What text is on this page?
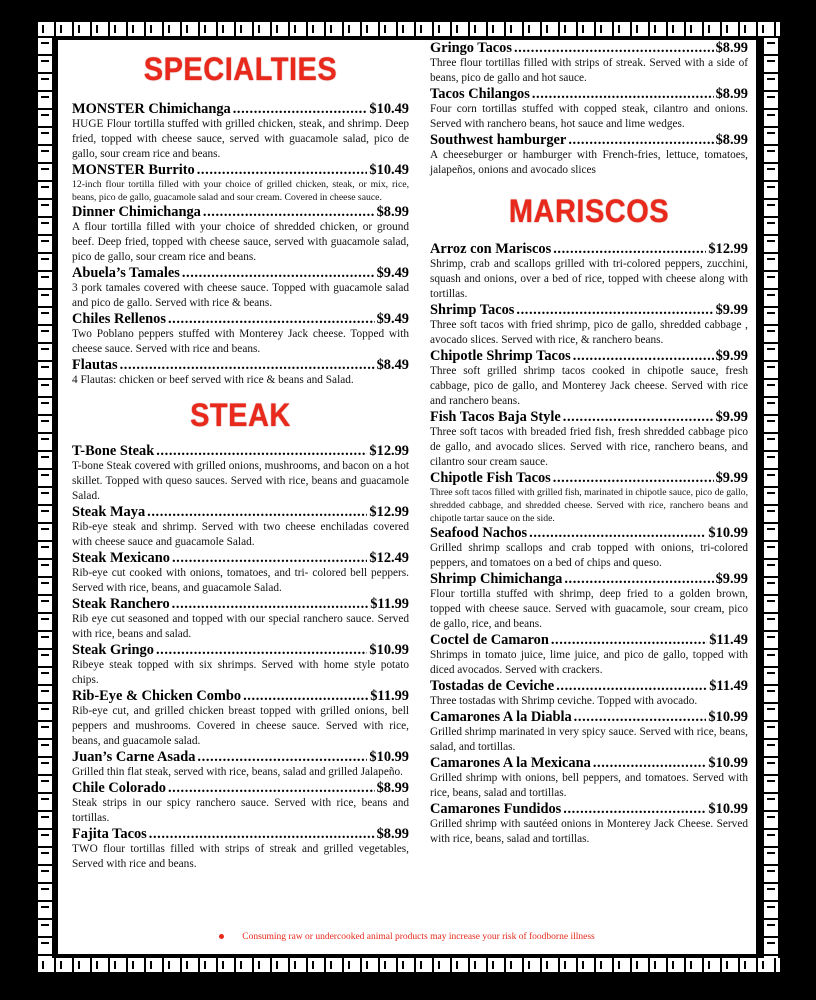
SPECIALTIES
MONSTER Chimichanga .....	$10.49
HUGE Flour tortilla stuffed with grilled chicken, steak, and shrimp. Deep fried, topped with cheese sauce, served with guacamole salad, pico de gallo, sour cream rice and beans.
MONSTER Burrito .....	$10.49
12-inch flour tortilla filled with your choice of grilled chicken, steak, or mix, rice, beans, pico de gallo, guacamole salad and sour cream. Covered in cheese sauce.
Dinner Chimichanga .....	$8.99
A flour tortilla filled with your choice of shredded chicken, or ground beef. Deep fried, topped with cheese sauce, served with guacamole salad, pico de gallo, sour cream rice and beans.
Abuela’s Tamales .....	$9.49
3 pork tamales covered with cheese sauce. Topped with guacamole salad and pico de gallo. Served with rice & beans.
Chiles Rellenos .....	$9.49
Two Poblano peppers stuffed with Monterey Jack cheese. Topped with cheese sauce. Served with rice and beans.
Flautas .....	$8.49
4 Flautas: chicken or beef served with rice & beans and Salad.
STEAK
T-Bone Steak .....	$12.99
T-bone Steak covered with grilled onions, mushrooms, and bacon on a hot skillet. Topped with queso sauces. Served with rice, beans and guacamole Salad.
Steak Maya .....	$12.99
Rib-eye steak and shrimp. Served with two cheese enchiladas covered with cheese sauce and guacamole Salad.
Steak Mexicano .....	$12.49
Rib-eye cut cooked with onions, tomatoes, and tri- colored bell peppers. Served with rice, beans, and guacamole Salad.
Steak Ranchero .....	$11.99
Rib eye cut seasoned and topped with our special ranchero sauce. Served with rice, beans and salad.
Steak Gringo .....	$10.99
Ribeye steak topped with six shrimps. Served with home style potato chips.
Rib-Eye & Chicken Combo .....	$11.99
Rib-eye cut, and grilled chicken breast topped with grilled onions, bell peppers and mushrooms. Covered in cheese sauce. Served with rice, beans, and guacamole salad.
Juan’s Carne Asada .....	$10.99
Grilled thin flat steak, served with rice, beans, salad and grilled Jalapeño.
Chile Colorado .....	$8.99
Steak strips in our spicy ranchero sauce. Served with rice, beans and tortillas.
Fajita Tacos .....	$8.99
TWO flour tortillas filled with strips of streak and grilled vegetables, Served with rice and beans.
Gringo Tacos .....	$8.99
Three flour tortillas filled with strips of streak. Served with a side of beans, pico de gallo and hot sauce.
Tacos Chilangos .....	$8.99
Four corn tortillas stuffed with copped steak, cilantro and onions. Served with ranchero beans, hot sauce and lime wedges.
Southwest hamburger .....	$8.99
A cheeseburger or hamburger with French-fries, lettuce, tomatoes, jalapeños, onions and avocado slices
MARISCOS
Arroz con Mariscos .....	$12.99
Shrimp, crab and scallops grilled with tri-colored peppers, zucchini, squash and onions, over a bed of rice, topped with cheese along with tortillas.
Shrimp Tacos .....	$9.99
Three soft tacos with fried shrimp, pico de gallo, shredded cabbage , avocado slices. Served with rice, & ranchero beans.
Chipotle Shrimp Tacos .....	$9.99
Three soft grilled shrimp tacos cooked in chipotle sauce, fresh cabbage, pico de gallo, and Monterey Jack cheese. Served with rice and ranchero beans.
Fish Tacos Baja Style .....	$9.99
Three soft tacos with breaded fried fish, fresh shredded cabbage pico de gallo, and avocado slices. Served with rice, ranchero beans, and cilantro sour cream sauce.
Chipotle Fish Tacos .....	$9.99
Three soft tacos filled with grilled fish, marinated in chipotle sauce, pico de gallo, shredded cabbage, and shredded cheese. Served with rice, ranchero beans and chipotle tartar sauce on the side.
Seafood Nachos .....	$10.99
Grilled shrimp scallops and crab topped with onions, tri-colored peppers, and tomatoes on a bed of chips and queso.
Shrimp Chimichanga .....	$9.99
Flour tortilla stuffed with shrimp, deep fried to a golden brown, topped with cheese sauce. Served with guacamole, sour cream, pico de gallo, rice, and beans.
Coctel de Camaron .....	$11.49
Shrimps in tomato juice, lime juice, and pico de gallo, topped with diced avocados. Served with crackers.
Tostadas de Ceviche .....	$11.49
Three tostadas with Shrimp ceviche. Topped with avocado.
Camarones A la Diabla .....	$10.99
Grilled shrimp marinated in very spicy sauce. Served with rice, beans, salad, and tortillas.
Camarones A la Mexicana .....	$10.99
Grilled shrimp with onions, bell peppers, and tomatoes. Served with rice, beans, salad and tortillas.
Camarones Fundidos .....	$10.99
Grilled shrimp with sautéed onions in Monterey Jack Cheese. Served with rice, beans, salad and tortillas.
Consuming raw or undercooked animal products may increase your risk of foodborne illness
